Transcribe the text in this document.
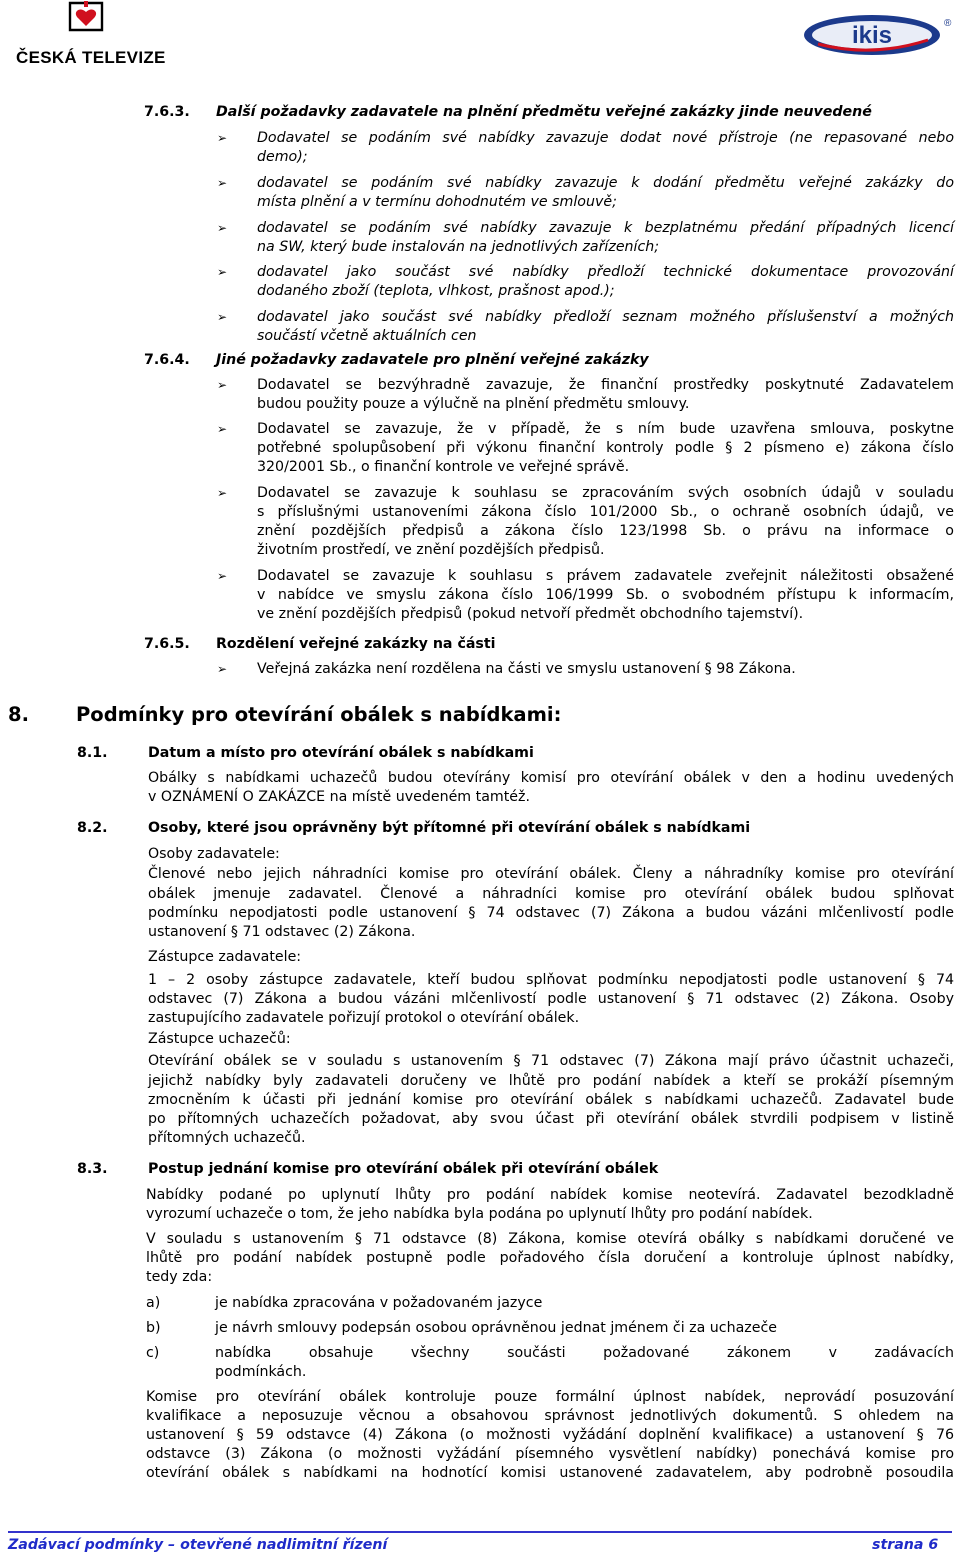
ČESKÁ TELEVIZE
ikis	®
➢
➢
➢
➢
➢
➢
➢
➢
➢
➢
7.6.3. Další požadavky zadavatele na plnění předmětu veřejné zakázky jinde neuvedené
Dodavatel se podáním své nabídky zavazuje dodat nové přístroje (ne repasované nebo
demo);
dodavatel se podáním své nabídky zavazuje k dodání předmětu veřejné zakázky do
místa plnění a v termínu dohodnutém ve smlouvě;
dodavatel se podáním své nabídky zavazuje k bezplatnému předání případných licencí
na SW, který bude instalován na jednotlivých zařízeních;
dodavatel jako součást své nabídky předloží technické dokumentace provozování
dodaného zboží (teplota, vlhkost, prašnost apod.);
dodavatel jako součást své nabídky předloží seznam možného příslušenství a možných
součástí včetně aktuálních cen
7.6.4. Jiné požadavky zadavatele pro plnění veřejné zakázky
Dodavatel se bezvýhradně zavazuje, že finanční prostředky poskytnuté Zadavatelem
budou použity pouze a výlučně na plnění předmětu smlouvy.
Dodavatel se zavazuje, že v případě, že s ním bude uzavřena smlouva, poskytne
potřebné spolupůsobení při výkonu finanční kontroly podle § 2 písmeno e) zákona číslo
320/2001 Sb., o finanční kontrole ve veřejné správě.
Dodavatel se zavazuje k souhlasu se zpracováním svých osobních údajů v souladu
s příslušnými ustanoveními zákona číslo 101/2000 Sb., o ochraně osobních údajů, ve
znění pozdějších předpisů a zákona číslo 123/1998 Sb. o právu na informace o
životním prostředí, ve znění pozdějších předpisů.
Dodavatel se zavazuje k souhlasu s právem zadavatele zveřejnit náležitosti obsažené
v nabídce ve smyslu zákona číslo 106/1999 Sb. o svobodném přístupu k informacím,
ve znění pozdějších předpisů (pokud netvoří předmět obchodního tajemství).
7.6.5. Rozdělení veřejné zakázky na části
Veřejná zakázka není rozdělena na části ve smyslu ustanovení § 98 Zákona.
8. Podmínky pro otevírání obálek s nabídkami:
8.1.	Datum a místo pro otevírání obálek s nabídkami
Obálky s nabídkami uchazečů budou otevírány komisí pro otevírání obálek v den a hodinu uvedených
v OZNÁMENÍ O ZAKÁZCE na místě uvedeném tamtéž.
8.2.	Osoby, které jsou oprávněny být přítomné při otevírání obálek s nabídkami
Osoby zadavatele:
Členové nebo jejich náhradníci komise pro otevírání obálek. Členy a náhradníky komise pro otevírání
obálek jmenuje zadavatel. Členové a náhradníci komise pro otevírání obálek budou splňovat
podmínku nepodjatosti podle ustanovení § 74 odstavec (7) Zákona a budou vázáni mlčenlivostí podle
ustanovení § 71 odstavec (2) Zákona.
Zástupce zadavatele:
1 – 2 osoby zástupce zadavatele, kteří budou splňovat podmínku nepodjatosti podle ustanovení § 74
odstavec (7) Zákona a budou vázáni mlčenlivostí podle ustanovení § 71 odstavec (2) Zákona. Osoby
zastupujícího zadavatele pořizují protokol o otevírání obálek.
Zástupce uchazečů:
Otevírání obálek se v souladu s ustanovením § 71 odstavec (7) Zákona mají právo účastnit uchazeči,
jejichž nabídky byly zadavateli doručeny ve lhůtě pro podání nabídek a kteří se prokáží písemným
zmocněním k účasti při jednání komise pro otevírání obálek s nabídkami uchazečů. Zadavatel bude
po přítomných uchazečích požadovat, aby svou účast při otevírání obálek stvrdili podpisem v listině
přítomných uchazečů.
8.3.	Postup jednání komise pro otevírání obálek při otevírání obálek
Nabídky podané po uplynutí lhůty pro podání nabídek komise neotevírá. Zadavatel bezodkladně
vyrozumí uchazeče o tom, že jeho nabídka byla podána po uplynutí lhůty pro podání nabídek.
V souladu s ustanovením § 71 odstavce (8) Zákona, komise otevírá obálky s nabídkami doručené ve
lhůtě pro podání nabídek postupně podle pořadového čísla doručení a kontroluje úplnost nabídky,
tedy zda:
a)	je nabídka zpracována v požadovaném jazyce
b)	je návrh smlouvy podepsán osobou oprávněnou jednat jménem či za uchazeče
c)	nabídka obsahuje všechny součásti požadované zákonem v zadávacích
podmínkách.
Komise pro otevírání obálek kontroluje pouze formální úplnost nabídek, neprovádí posuzování
kvalifikace a neposuzuje věcnou a obsahovou správnost jednotlivých dokumentů. S ohledem na
ustanovení § 59 odstavce (4) Zákona (o možnosti vyžádání doplnění kvalifikace) a ustanovení § 76
odstavce (3) Zákona (o možnosti vyžádání písemného vysvětlení nabídky) ponechává komise pro
otevírání obálek s nabídkami na hodnotící komisi ustanovené zadavatelem, aby podrobně posoudila
Zadávací podmínky – otevřené nadlimitní řízení	strana 6
